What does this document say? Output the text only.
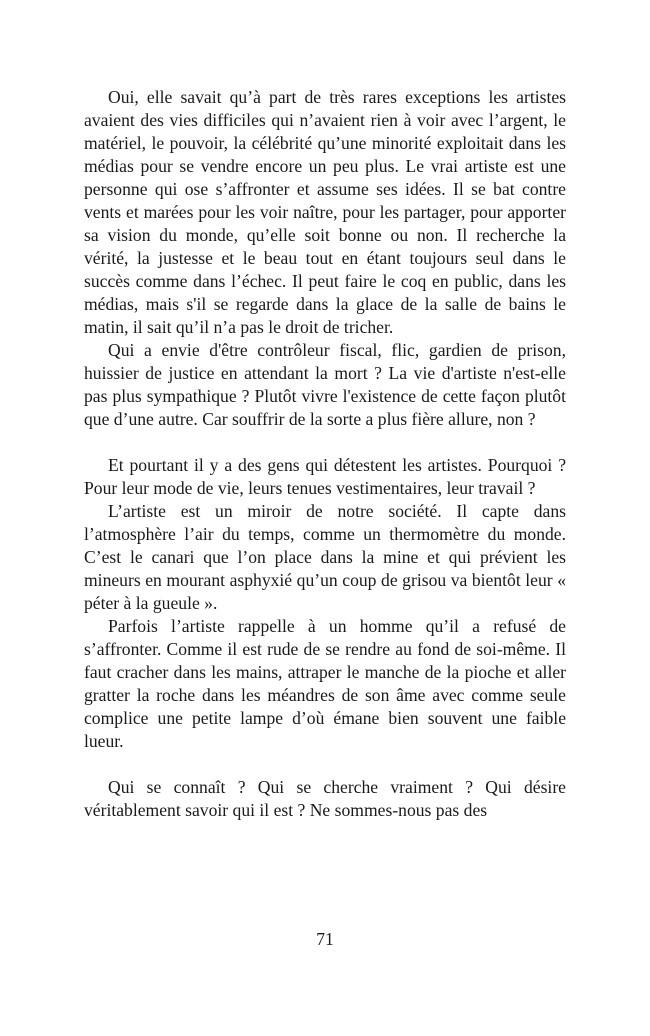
Oui, elle savait qu’à part de très rares exceptions les artistes avaient des vies difficiles qui n’avaient rien à voir avec l’argent, le matériel, le pouvoir, la célébrité qu’une minorité exploitait dans les médias pour se vendre encore un peu plus. Le vrai artiste est une personne qui ose s’affronter et assume ses idées. Il se bat contre vents et marées pour les voir naître, pour les partager, pour apporter sa vision du monde, qu’elle soit bonne ou non. Il recherche la vérité, la justesse et le beau tout en étant toujours seul dans le succès comme dans l’échec. Il peut faire le coq en public, dans les médias, mais s'il se regarde dans la glace de la salle de bains le matin, il sait qu’il n’a pas le droit de tricher.

Qui a envie d'être contrôleur fiscal, flic, gardien de prison, huissier de justice en attendant la mort ? La vie d'artiste n'est-elle pas plus sympathique ? Plutôt vivre l'existence de cette façon plutôt que d’une autre. Car souffrir de la sorte a plus fière allure, non ?

Et pourtant il y a des gens qui détestent les artistes. Pourquoi ? Pour leur mode de vie, leurs tenues vestimentaires, leur travail ?

L’artiste est un miroir de notre société. Il capte dans l’atmosphère l’air du temps, comme un thermomètre du monde. C’est le canari que l’on place dans la mine et qui prévient les mineurs en mourant asphyxié qu’un coup de grisou va bientôt leur « péter à la gueule ».

Parfois l’artiste rappelle à un homme qu’il a refusé de s’affronter. Comme il est rude de se rendre au fond de soi-même. Il faut cracher dans les mains, attraper le manche de la pioche et aller gratter la roche dans les méandres de son âme avec comme seule complice une petite lampe d’où émane bien souvent une faible lueur.

Qui se connaît ? Qui se cherche vraiment ? Qui désire véritablement savoir qui il est ? Ne sommes-nous pas des

71
